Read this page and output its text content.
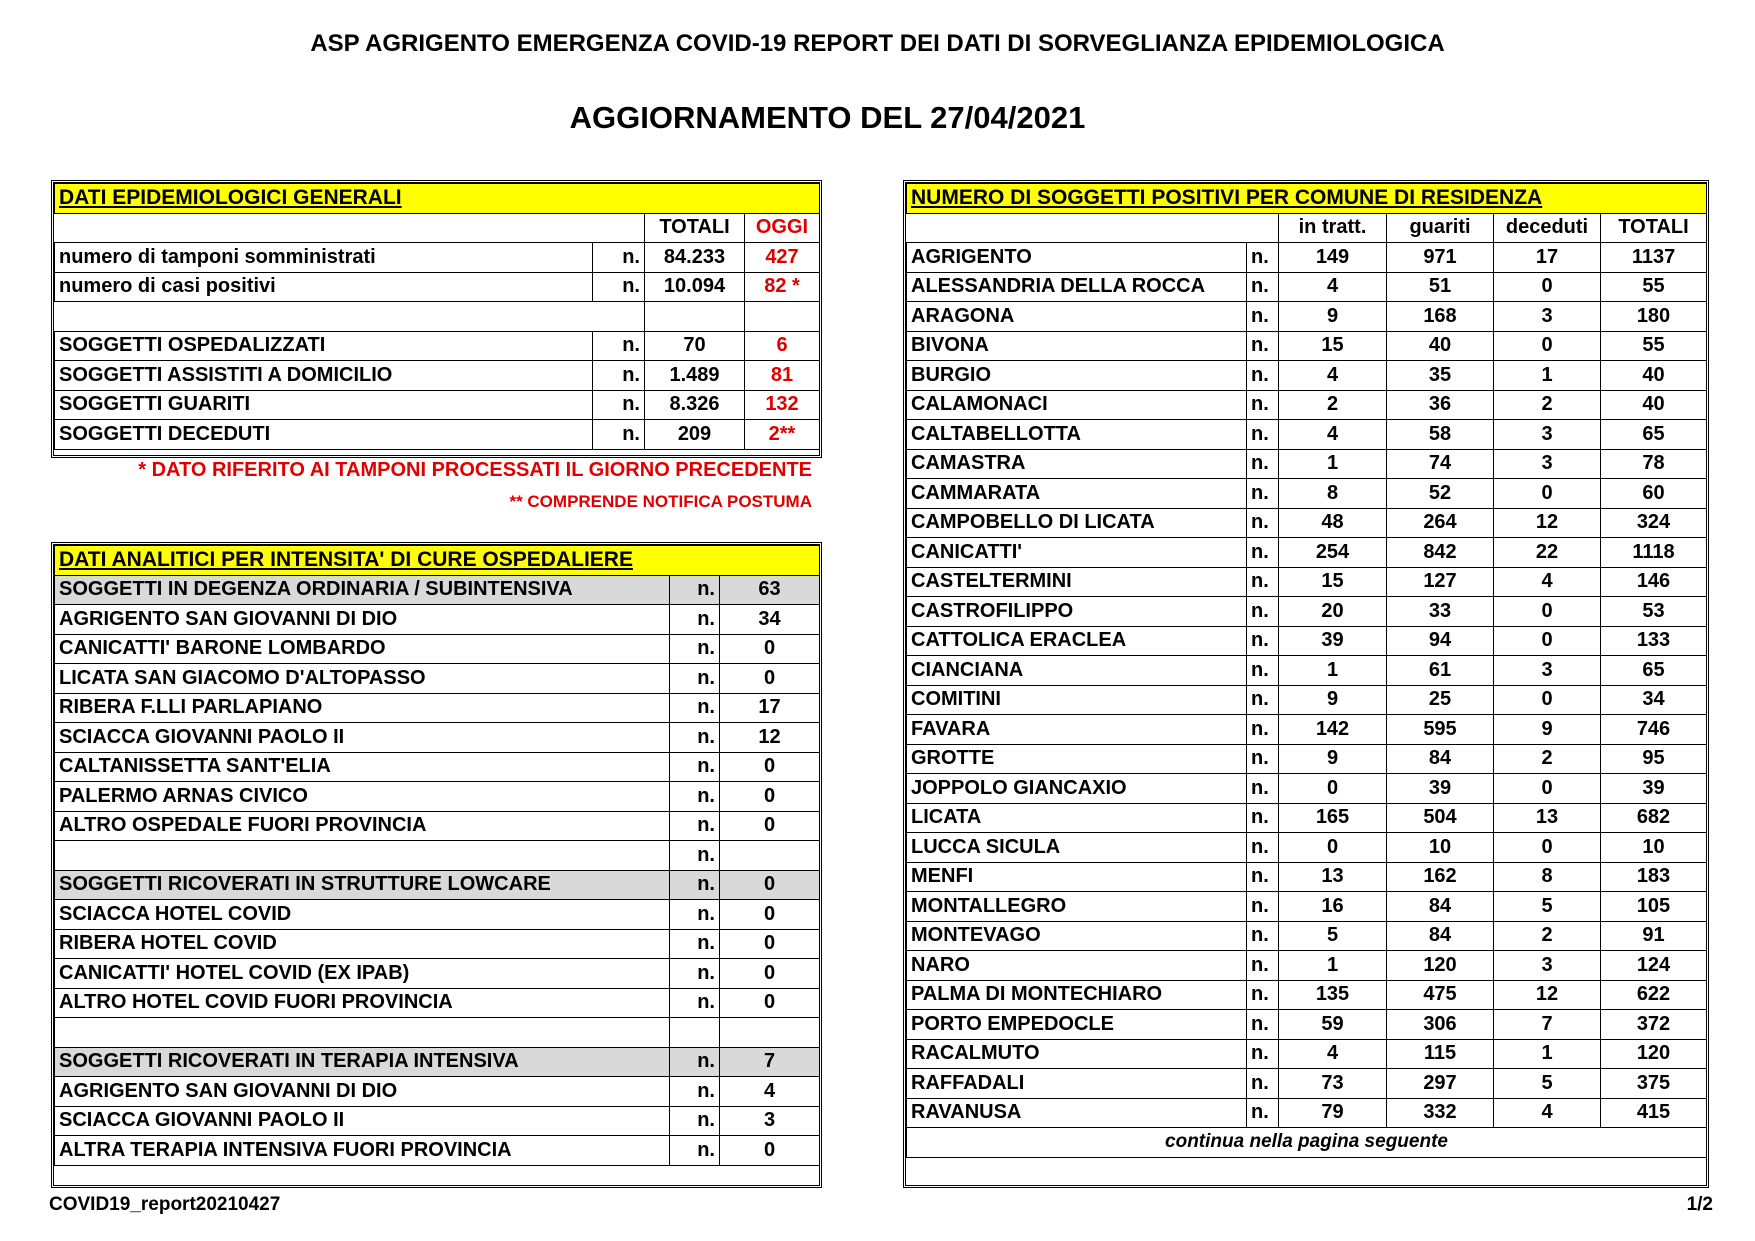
ASP AGRIGENTO EMERGENZA COVID-19 REPORT DEI DATI DI SORVEGLIANZA EPIDEMIOLOGICA
AGGIORNAMENTO DEL 27/04/2021
DATI EPIDEMIOLOGICI GENERALI			
		TOTALI	OGGI
numero di tamponi somministrati	n.	84.233	427
numero di casi positivi	n.	10.094	82 *

SOGGETTI OSPEDALIZZATI	n.	70	6
SOGGETTI ASSISTITI A DOMICILIO	n.	1.489	81
SOGGETTI GUARITI	n.	8.326	132
SOGGETTI DECEDUTI	n.	209	2**
* DATO RIFERITO AI TAMPONI PROCESSATI IL GIORNO PRECEDENTE
** COMPRENDE NOTIFICA POSTUMA
DATI ANALITICI PER INTENSITA' DI CURE OSPEDALIERE		
SOGGETTI IN DEGENZA ORDINARIA / SUBINTENSIVA	n.	63
AGRIGENTO SAN GIOVANNI DI DIO	n.	34
CANICATTI' BARONE LOMBARDO	n.	0
LICATA SAN GIACOMO D'ALTOPASSO	n.	0
RIBERA F.LLI PARLAPIANO	n.	17
SCIACCA GIOVANNI PAOLO II	n.	12
CALTANISSETTA SANT'ELIA	n.	0
PALERMO ARNAS CIVICO	n.	0
ALTRO OSPEDALE FUORI PROVINCIA	n.	0
	n.	
SOGGETTI RICOVERATI IN STRUTTURE LOWCARE	n.	0
SCIACCA HOTEL COVID	n.	0
RIBERA HOTEL COVID	n.	0
CANICATTI' HOTEL COVID (EX IPAB)	n.	0
ALTRO HOTEL COVID FUORI PROVINCIA	n.	0

SOGGETTI RICOVERATI IN TERAPIA INTENSIVA	n.	7
AGRIGENTO SAN GIOVANNI DI DIO	n.	4
SCIACCA GIOVANNI PAOLO II	n.	3
ALTRA TERAPIA INTENSIVA FUORI PROVINCIA	n.	0
NUMERO DI SOGGETTI POSITIVI PER COMUNE DI RESIDENZA					
		in tratt.	guariti	deceduti	TOTALI
AGRIGENTO	n.	149	971	17	1137
ALESSANDRIA DELLA ROCCA	n.	4	51	0	55
ARAGONA	n.	9	168	3	180
BIVONA	n.	15	40	0	55
BURGIO	n.	4	35	1	40
CALAMONACI	n.	2	36	2	40
CALTABELLOTTA	n.	4	58	3	65
CAMASTRA	n.	1	74	3	78
CAMMARATA	n.	8	52	0	60
CAMPOBELLO DI LICATA	n.	48	264	12	324
CANICATTI'	n.	254	842	22	1118
CASTELTERMINI	n.	15	127	4	146
CASTROFILIPPO	n.	20	33	0	53
CATTOLICA ERACLEA	n.	39	94	0	133
CIANCIANA	n.	1	61	3	65
COMITINI	n.	9	25	0	34
FAVARA	n.	142	595	9	746
GROTTE	n.	9	84	2	95
JOPPOLO GIANCAXIO	n.	0	39	0	39
LICATA	n.	165	504	13	682
LUCCA SICULA	n.	0	10	0	10
MENFI	n.	13	162	8	183
MONTALLEGRO	n.	16	84	5	105
MONTEVAGO	n.	5	84	2	91
NARO	n.	1	120	3	124
PALMA DI MONTECHIARO	n.	135	475	12	622
PORTO EMPEDOCLE	n.	59	306	7	372
RACALMUTO	n.	4	115	1	120
RAFFADALI	n.	73	297	5	375
RAVANUSA	n.	79	332	4	415
continua nella pagina seguente					
COVID19_report20210427	1/2
